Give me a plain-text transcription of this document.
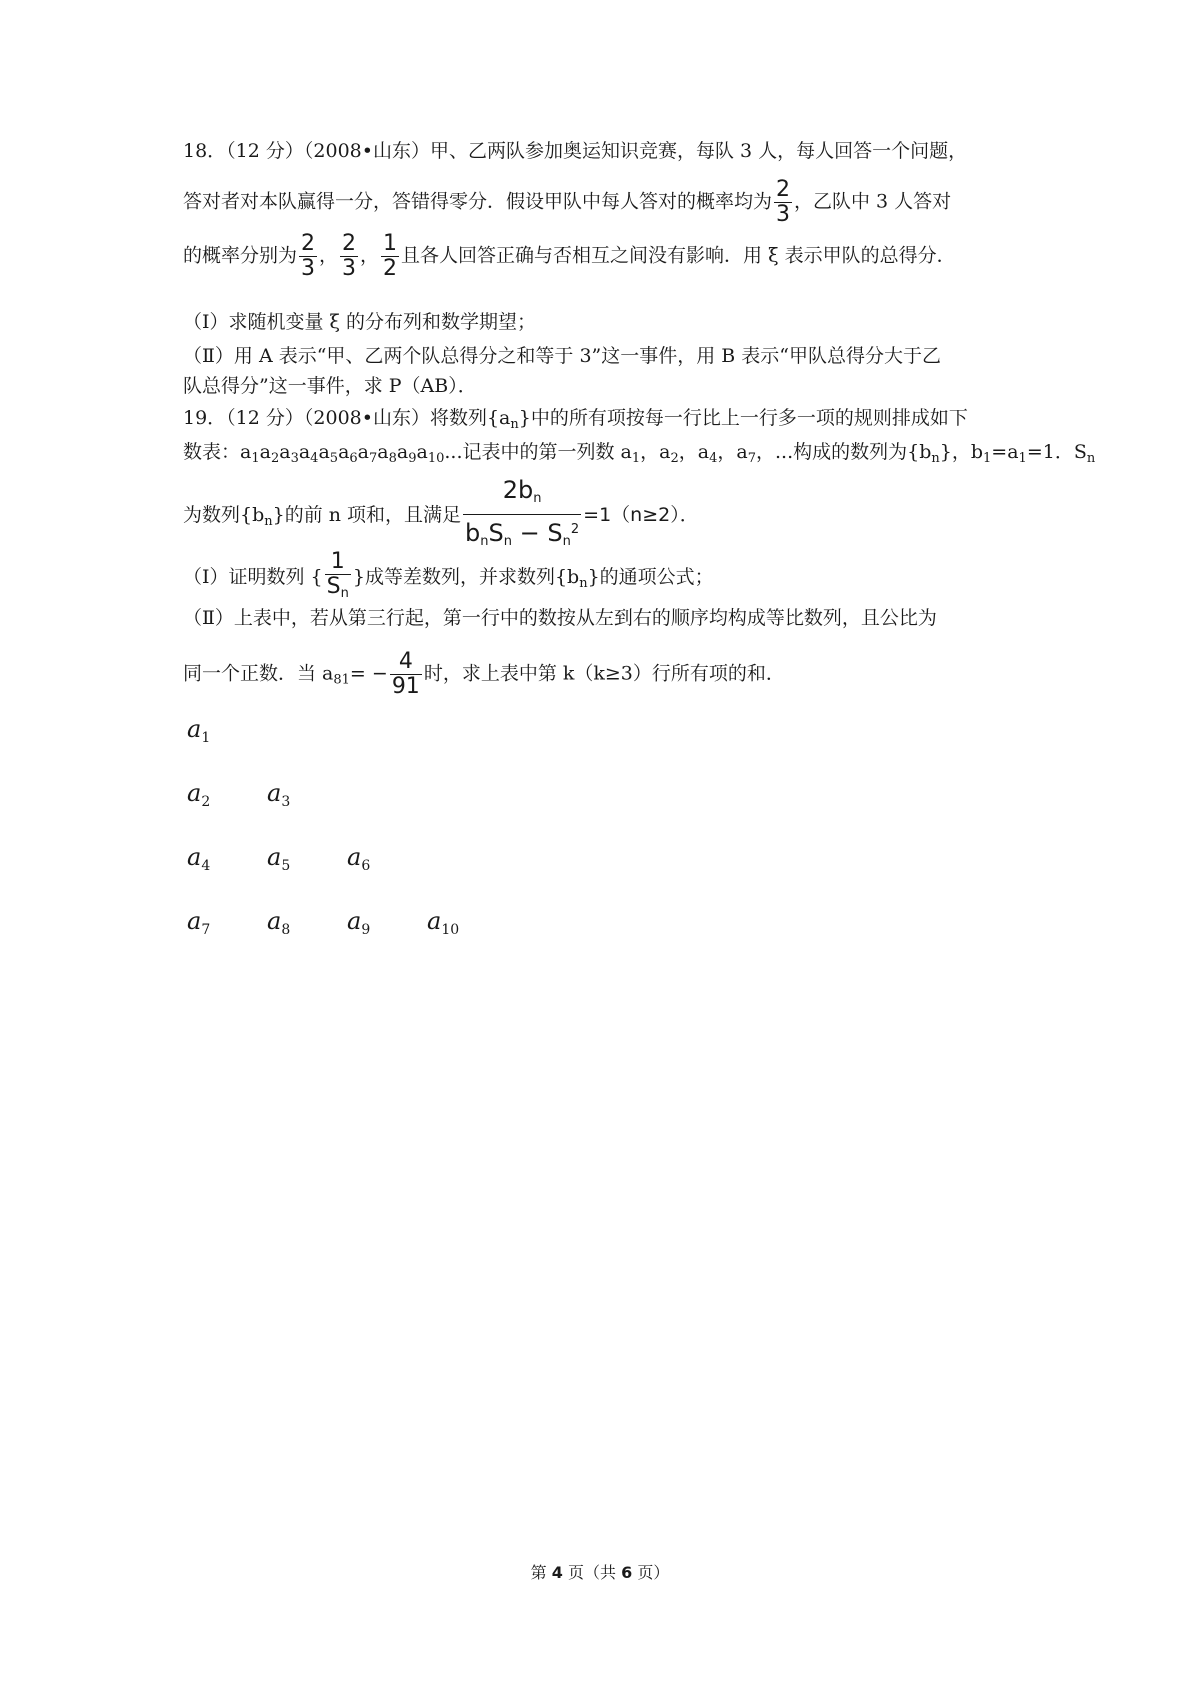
18．（12 分）（2008•山东）甲、乙两队参加奥运知识竞赛，每队 3 人，每人回答一个问题，
答对者对本队赢得一分，答错得零分．假设甲队中每人答对的概率均为 $\frac{2}{3}$ ，乙队中 3 人答对
的概率分别为 $\frac{2}{3}$ ， $\frac{2}{3}$ ， $\frac{1}{2}$ 且各人回答正确与否相互之间没有影响．用 ξ 表示甲队的总得分．
（Ⅰ）求随机变量 ξ 的分布列和数学期望；
（Ⅱ）用 A 表示“甲、乙两个队总得分之和等于 3”这一事件，用 B 表示“甲队总得分大于乙
队总得分”这一事件，求 P（AB）．
19．（12 分）（2008•山东）将数列$\{a_n\}$中的所有项按每一行比上一行多一项的规则排成如下
数表：$a_1a_2a_3a_4a_5a_6a_7a_8a_9a_{10}$...记表中的第一列数 $a_1$，$a_2$，$a_4$，$a_7$，...构成的数列为$\{b_n\}$，$b_1=a_1=1$．$S_n$
为数列$\{b_n\}$的前 n 项和，且满足 $\frac{2b_n}{b_nS_n - S_n^2} =1(n\ge 2)$．
（Ⅰ）证明数列 { $\frac{1}{S_n}$ }成等差数列，并求数列$\{b_n\}$的通项公式；
（Ⅱ）上表中，若从第三行起，第一行中的数按从左到右的顺序均构成等比数列，且公比为
同一个正数．当 $a_{81}= - \frac{4}{91}$ 时，求上表中第 k（k≥3）行所有项的和．
$a_1$
$a_2$ $a_3$
$a_4$ $a_5$ $a_6$
$a_7$ $a_8$ $a_9$ $a_{10}$
第 4 页（共 6 页）
